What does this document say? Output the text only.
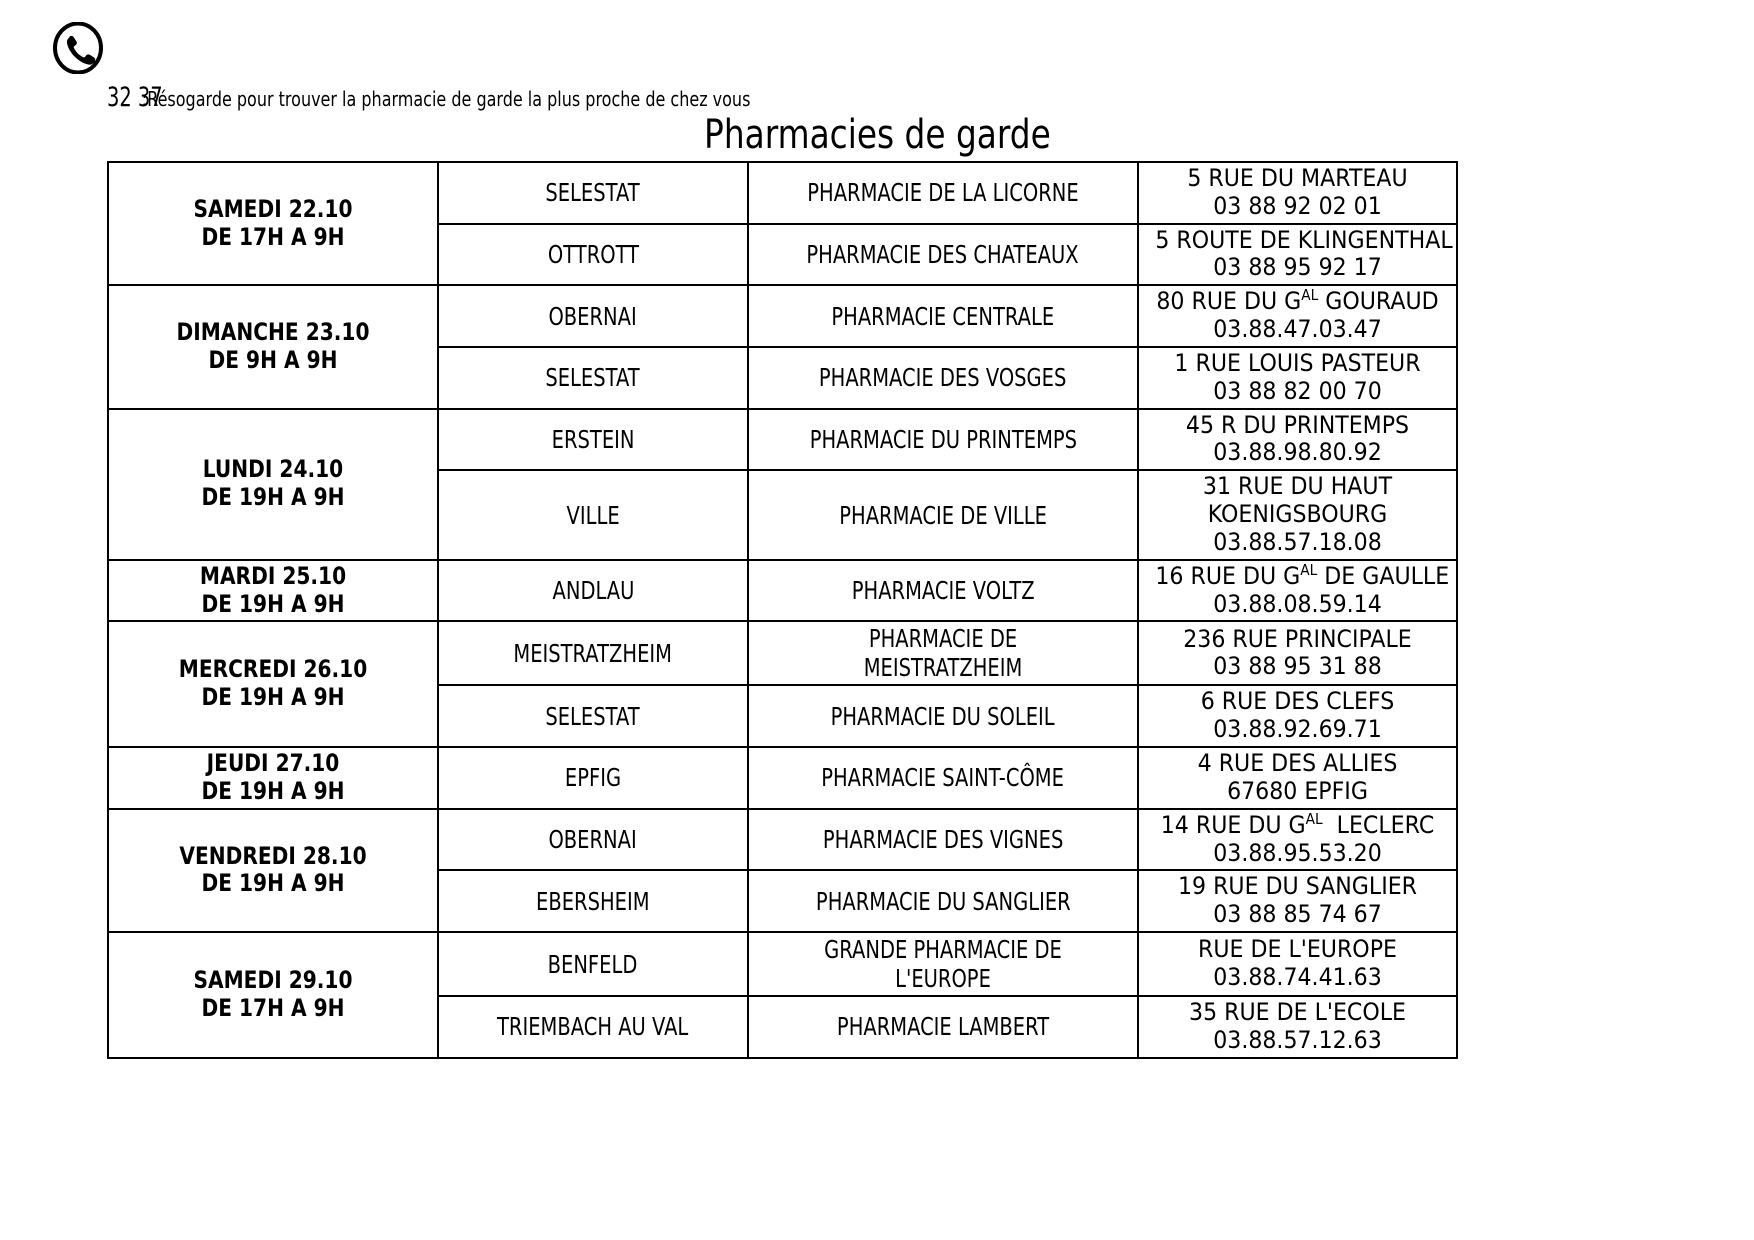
32 37
:Résogarde pour trouver la pharmacie de garde la plus proche de chez vous
Pharmacies de garde
SAMEDI 22.10
DE 17H A 9H	SELESTAT	PHARMACIE DE LA LICORNE	5 RUE DU MARTEAU
03 88 92 02 01

	OTTROTT	PHARMACIE DES CHATEAUX	5 ROUTE DE KLINGENTHAL
03 88 95 92 17

DIMANCHE 23.10
DE 9H A 9H	OBERNAI	PHARMACIE CENTRALE	80 RUE DU $G^{AL}$ GOURAUD
03.88.47.03.47

	SELESTAT	PHARMACIE DES VOSGES	1 RUE LOUIS PASTEUR
03 88 82 00 70

LUNDI 24.10
DE 19H A 9H	ERSTEIN	PHARMACIE DU PRINTEMPS	45 R DU PRINTEMPS
03.88.98.80.92

	VILLE	PHARMACIE DE VILLE	31 RUE DU HAUT
KOENIGSBOURG
03.88.57.18.08

MARDI 25.10
DE 19H A 9H	ANDLAU	PHARMACIE VOLTZ	16 RUE DU $G^{AL}$ DE GAULLE
03.88.08.59.14

MERCREDI 26.10
DE 19H A 9H	MEISTRATZHEIM	PHARMACIE DE MEISTRATZHEIM	236 RUE PRINCIPALE
03 88 95 31 88

	SELESTAT	PHARMACIE DU SOLEIL	6 RUE DES CLEFS
03.88.92.69.71

JEUDI 27.10
DE 19H A 9H	EPFIG	PHARMACIE SAINT-CÔME	4 RUE DES ALLIES
67680 EPFIG

VENDREDI 28.10
DE 19H A 9H	OBERNAI	PHARMACIE DES VIGNES	14 RUE DU $G^{AL}$  LECLERC
03.88.95.53.20

	EBERSHEIM	PHARMACIE DU SANGLIER	19 RUE DU SANGLIER
03 88 85 74 67

SAMEDI 29.10
DE 17H A 9H	BENFELD	GRANDE PHARMACIE DE L'EUROPE	RUE DE L'EUROPE
03.88.74.41.63

	TRIEMBACH AU VAL	PHARMACIE LAMBERT	35 RUE DE L'ECOLE
03.88.57.12.63
